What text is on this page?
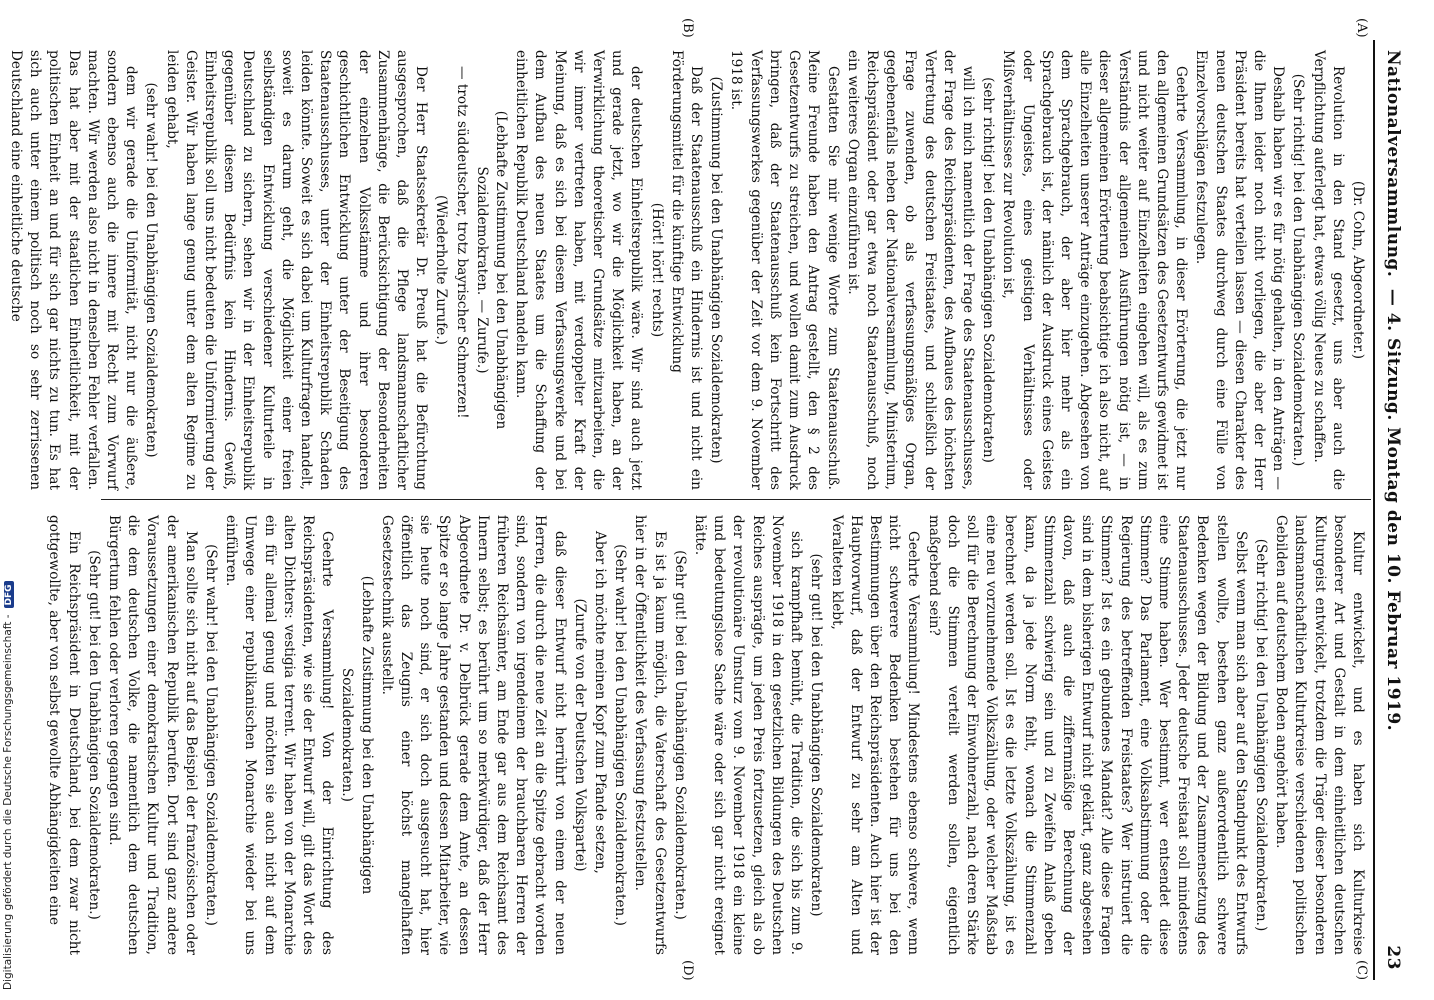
Digitalisierung gefördert durch die Deutsche Forschungsgemeinschaft -DFG
Nationalversammlung.
— 4. Sitzung. Montag den 10. Februar 1919.
23
(A)
(B)
(C)
(D)

(Dr. Cohn, Abgeordneter.)

Revolution in den Stand gesetzt, uns aber auch die Verpflichtung auferlegt hat, etwas völlig Neues zu schaffen.

(Sehr richtig! bei den Unabhängigen Sozialdemokraten.)

Deshalb haben wir es für nötig gehalten, in den Anträgen — die Ihnen leider noch nicht vorliegen, die aber der Herr Präsident bereits hat verteilen lassen — diesen Charakter des neuen deutschen Staates durchweg durch eine Fülle von Einzelvorschlägen festzulegen.

Geehrte Versammlung, in dieser Erörterung, die jetzt nur den allgemeinen Grundsätzen des Gesetzentwurfs gewidmet ist und nicht weiter auf Einzelheiten eingehen will, als es zum Verständnis der allgemeinen Ausführungen nötig ist, — in dieser allgemeinen Erörterung beabsichtige ich also nicht, auf alle Einzelheiten unserer Anträge einzugehen. Abgesehen von dem Sprachgebrauch, der aber hier mehr als ein Sprachgebrauch ist, der nämlich der Ausdruck eines Geistes oder Ungeistes, eines geistigen Verhältnisses oder Mißverhältnisses zur Revolution ist,

(sehr richtig! bei den Unabhängigen Sozialdemokraten)

will ich mich namentlich der Frage des Staatenausschusses, der Frage des Reichspräsidenten, des Aufbaues des höchsten Vertretung des deutschen Freistaates, und schließlich der Frage zuwenden, ob als verfassungsmäßiges Organ, gegebenenfalls neben der Nationalversammlung, Ministerium, Reichspräsident oder gar etwa noch Staatenausschuß, noch ein weiteres Organ einzuführen ist.

Gestatten Sie mir wenige Worte zum Staatenausschuß. Meine Freunde haben den Antrag gestellt, den § 2 des Gesetzentwurfs zu streichen, und wollen damit zum Ausdruck bringen, daß der Staatenausschuß kein Fortschritt des Verfassungswerkes gegenüber der Zeit vor dem 9. November 1918 ist.

(Zustimmung bei den Unabhängigen Sozialdemokraten)

Daß der Staatenausschuß ein Hindernis ist und nicht ein Förderungsmittel für die künftige Entwicklung

(Hört! hört! rechts)

der deutschen Einheitsrepublik wäre. Wir sind auch jetzt und gerade jetzt, wo wir die Möglichkeit haben, an der Verwirklichung theoretischer Grundsätze mitzuarbeiten, die wir immer vertreten haben, mit verdoppelter Kraft der Meinung, daß es sich bei diesem Verfassungswerke und bei dem Aufbau des neuen Staates um die Schaffung der einheitlichen Republik Deutschland handeln kann.

(Lebhafte Zustimmung bei den Unabhängigen Sozialdemokraten. — Zurufe.)

— trotz süddeutscher, trotz bayrischer Schmerzen!

(Wiederholte Zurufe.)

Der Herr Staatssekretär Dr. Preuß hat die Befürchtung ausgesprochen, daß die Pflege landsmannschaftlicher Zusammenhänge, die Berücksichtigung der Besonderheiten der einzelnen Volksstämme und ihrer besonderen geschichtlichen Entwicklung unter der Beseitigung des Staatenausschusses, unter der Einheitsrepublik Schaden leiden könnte. Soweit es sich dabei um Kulturfragen handelt, soweit es darum geht, die Möglichkeit einer freien selbständigen Entwicklung verschiedener Kulturteile in Deutschland zu sichern, sehen wir in der Einheitsrepublik gegenüber diesem Bedürfnis kein Hindernis. Gewiß, Einheitsrepublik soll uns nicht bedeuten die Uniformierung der Geister. Wir haben lange genug unter dem alten Regime zu leiden gehabt,

(sehr wahr! bei den Unabhängigen Sozialdemokraten)

dem wir gerade die Uniformität, nicht nur die äußere, sondern ebenso auch die innere mit Recht zum Vorwurf machten. Wir werden also nicht in denselben Fehler verfallen. Das hat aber mit der staatlichen Einheitlichkeit, mit der politischen Einheit an und für sich gar nichts zu tun. Es hat sich auch unter einem politisch noch so sehr zerrissenen Deutschland eine einheitliche deutsche

Kultur entwickelt, und es haben sich Kulturkreise besonderer Art und Gestalt in dem einheitlichen deutschen Kulturgeist entwickelt, trotzdem die Träger dieser besonderen landsmannschaftlichen Kulturkreise verschiedenen politischen Gebilden auf deutschem Boden angehört haben.

(Sehr richtig! bei den Unabhängigen Sozialdemokraten.)

Selbst wenn man sich aber auf den Standpunkt des Entwurfs stellen wollte, bestehen ganz außerordentlich schwere Bedenken wegen der Bildung und der Zusammensetzung des Staatenausschusses. Jeder deutsche Freistaat soll mindestens eine Stimme haben. Wer bestimmt, wer entsendet diese Stimmen? Das Parlament, eine Volksabstimmung oder die Regierung des betreffenden Freistaates? Wer instruiert die Stimmen? Ist es ein gebundenes Mandat? Alle diese Fragen sind in dem bisherigen Entwurf nicht geklärt, ganz abgesehen davon, daß auch die ziffernmäßige Berechnung der Stimmenzahl schwierig sein und zu Zweifeln Anlaß geben kann, da ja jede Norm fehlt, wonach die Stimmenzahl berechnet werden soll. Ist es die letzte Volkszählung, ist es eine neu vorzunehmende Volkszählung, oder welcher Maßstab soll für die Berechnung der Einwohnerzahl, nach deren Stärke doch die Stimmen verteilt werden sollen, eigentlich maßgebend sein?

Geehrte Versammlung! Mindestens ebenso schwere, wenn nicht schwerere Bedenken bestehen für uns bei den Bestimmungen über den Reichspräsidenten. Auch hier ist der Hauptvorwurf, daß der Entwurf zu sehr am Alten und Veralteten klebt,

(sehr gut! bei den Unabhängigen Sozialdemokraten)

sich krampfhaft bemüht, die Tradition, die sich bis zum 9. November 1918 in den gesetzlichen Bildungen des Deutschen Reiches ausprägte, um jeden Preis fortzusetzen, gleich als ob der revolutionäre Umsturz vom 9. November 1918 ein kleine und bedeutungslose Sache wäre oder sich gar nicht ereignet hätte.

(Sehr gut! bei den Unabhängigen Sozialdemokraten.)

Es ist ja kaum möglich, die Vaterschaft des Gesetzentwurfs hier in der Öffentlichkeit des Verfassung festzustellen.

(Sehr wahr! bei den Unabhängigen Sozialdemokraten.)

Aber ich möchte meinen Kopf zum Pfande setzen,

(Zurufe von der Deutschen Volkspartei)

daß dieser Entwurf nicht herrührt von einem der neuen Herren, die durch die neue Zeit an die Spitze gebracht worden sind, sondern von irgendeinem der brauchbaren Herren der früheren Reichsämter, am Ende gar aus dem Reichsamt des Innern selbst; es berührt um so merkwürdiger, daß der Herr Abgeordnete Dr. v. Delbrück gerade dem Amte, an dessen Spitze er so lange Jahre gestanden und dessen Mitarbeiter, wie sie heute noch sind, er sich doch ausgesucht hat, hier öffentlich das Zeugnis einer höchst mangelhaften Gesetzestechnik ausstellt.

(Lebhafte Zustimmung bei den Unabhängigen Sozialdemokraten.)

Geehrte Versammlung! Von der Einrichtung des Reichspräsidenten, wie sie der Entwurf will, gilt das Wort des alten Dichters: vestigia terrent. Wir haben von der Monarchie ein für allemal genug und möchten sie auch nicht auf dem Umwege einer republikanischen Monarchie wieder bei uns einführen.

(Sehr wahr! bei den Unabhängigen Sozialdemokraten.)

Man sollte sich nicht auf das Beispiel der französischen oder der amerikanischen Republik berufen. Dort sind ganz andere Voraussetzungen einer demokratischen Kultur und Tradition, die dem deutschen Volke, die namentlich dem deutschen Bürgertum fehlen oder verloren gegangen sind.

(Sehr gut! bei den Unabhängigen Sozialdemokraten.)

Ein Reichspräsident in Deutschland, bei dem zwar nicht gottgewollte, aber von selbst gewollte Abhängigkeiten eine
